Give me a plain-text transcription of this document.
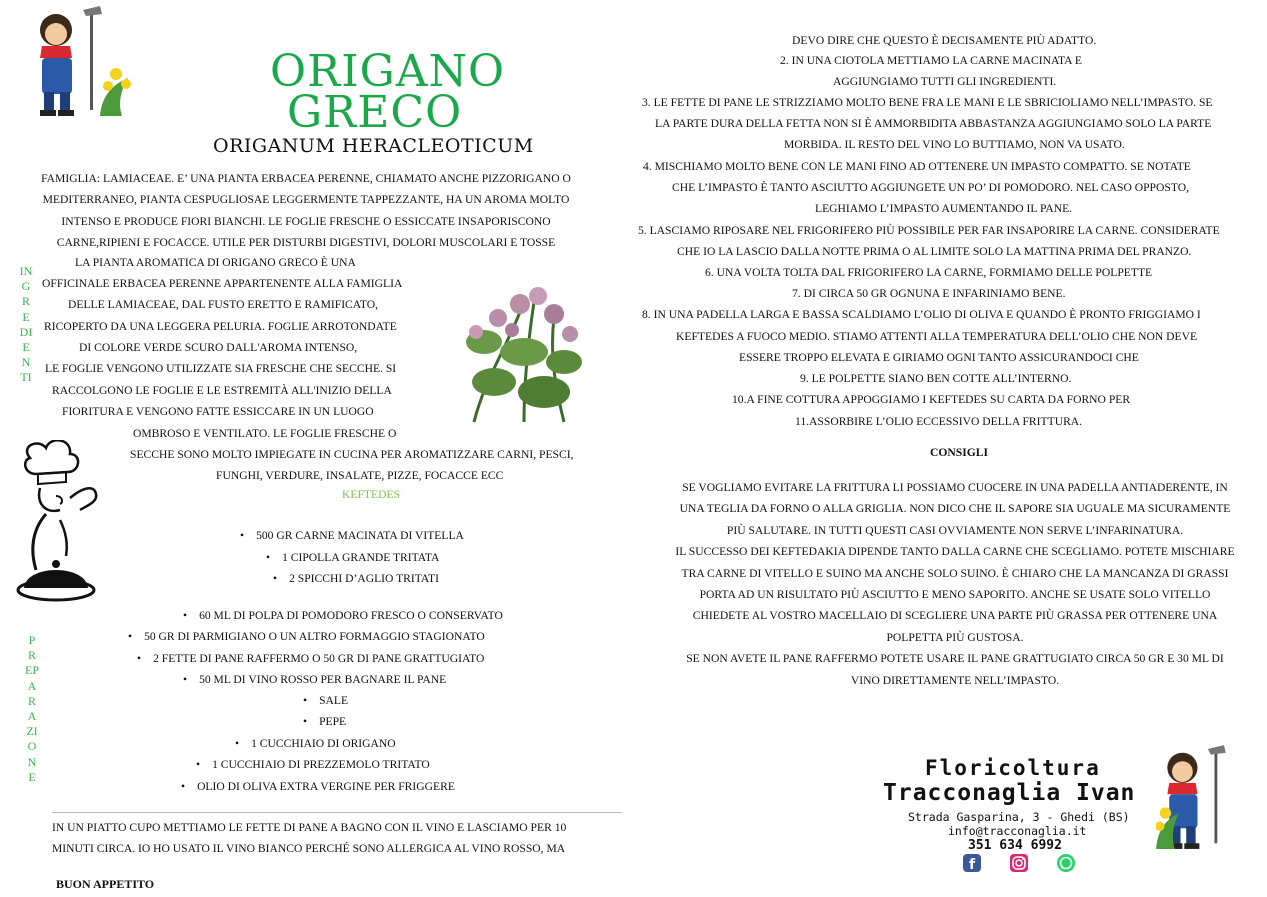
ORIGANO
GRECO
ORIGANUM HERACLEOTICUM
FAMIGLIA: LAMIACEAE. E’ UNA PIANTA ERBACEA PERENNE, CHIAMATO ANCHE PIZZORIGANO O
MEDITERRANEO, PIANTA CESPUGLIOSAE LEGGERMENTE TAPPEZZANTE, HA UN AROMA MOLTO
INTENSO E PRODUCE FIORI BIANCHI. LE FOGLIE FRESCHE O ESSICCATE INSAPORISCONO
CARNE,RIPIENI E FOCACCE. UTILE PER DISTURBI DIGESTIVI, DOLORI MUSCOLARI E TOSSE
LA PIANTA AROMATICA DI ORIGANO GRECO È UNA
OFFICINALE ERBACEA PERENNE APPARTENENTE ALLA FAMIGLIA
DELLE LAMIACEAE, DAL FUSTO ERETTO E RAMIFICATO,
RICOPERTO DA UNA LEGGERA PELURIA. FOGLIE ARROTONDATE
DI COLORE VERDE SCURO DALL'AROMA INTENSO,
LE FOGLIE VENGONO UTILIZZATE SIA FRESCHE CHE SECCHE. SI
RACCOLGONO LE FOGLIE E LE ESTREMITÀ ALL'INIZIO DELLA
FIORITURA E VENGONO FATTE ESSICCARE IN UN LUOGO
OMBROSO E VENTILATO. LE FOGLIE FRESCHE O
SECCHE SONO MOLTO IMPIEGATE IN CUCINA PER AROMATIZZARE CARNI, PESCI,
FUNGHI, VERDURE, INSALATE, PIZZE, FOCACCE ECC
KEFTEDES
INGREDIENTI
PREPARAZIONE
• 500 GR CARNE MACINATA DI VITELLA
• 1 CIPOLLA GRANDE TRITATA
• 2 SPICCHI D’AGLIO TRITATI
• 60 ML DI POLPA DI POMODORO FRESCO O CONSERVATO
• 50 GR DI PARMIGIANO O UN ALTRO FORMAGGIO STAGIONATO
• 2 FETTE DI PANE RAFFERMO O 50 GR DI PANE GRATTUGIATO
• 50 ML DI VINO ROSSO PER BAGNARE IL PANE
• SALE
• PEPE
• 1 CUCCHIAIO DI ORIGANO
• 1 CUCCHIAIO DI PREZZEMOLO TRITATO
• OLIO DI OLIVA EXTRA VERGINE PER FRIGGERE
IN UN PIATTO CUPO METTIAMO LE FETTE DI PANE A BAGNO CON IL VINO E LASCIAMO PER 10
MINUTI CIRCA. IO HO USATO IL VINO BIANCO PERCHÉ SONO ALLERGICA AL VINO ROSSO, MA
BUON APPETITO
DEVO DIRE CHE QUESTO È DECISAMENTE PIÙ ADATTO.
2. IN UNA CIOTOLA METTIAMO LA CARNE MACINATA E
AGGIUNGIAMO TUTTI GLI INGREDIENTI.
3. LE FETTE DI PANE LE STRIZZIAMO MOLTO BENE FRA LE MANI E LE SBRICIOLIAMO NELL’IMPASTO. SE
LA PARTE DURA DELLA FETTA NON SI È AMMORBIDITA ABBASTANZA AGGIUNGIAMO SOLO LA PARTE
MORBIDA. IL RESTO DEL VINO LO BUTTIAMO, NON VA USATO.
4. MISCHIAMO MOLTO BENE CON LE MANI FINO AD OTTENERE UN IMPASTO COMPATTO. SE NOTATE
CHE L’IMPASTO È TANTO ASCIUTTO AGGIUNGETE UN PO’ DI POMODORO. NEL CASO OPPOSTO,
LEGHIAMO L’IMPASTO AUMENTANDO IL PANE.
5. LASCIAMO RIPOSARE NEL FRIGORIFERO PIÙ POSSIBILE PER FAR INSAPORIRE LA CARNE. CONSIDERATE
CHE IO LA LASCIO DALLA NOTTE PRIMA O AL LIMITE SOLO LA MATTINA PRIMA DEL PRANZO.
6. UNA VOLTA TOLTA DAL FRIGORIFERO LA CARNE, FORMIAMO DELLE POLPETTE
7. DI CIRCA 50 GR OGNUNA E INFARINIAMO BENE.
8. IN UNA PADELLA LARGA E BASSA SCALDIAMO L’OLIO DI OLIVA E QUANDO È PRONTO FRIGGIAMO I
KEFTEDES A FUOCO MEDIO. STIAMO ATTENTI ALLA TEMPERATURA DELL’OLIO CHE NON DEVE
ESSERE TROPPO ELEVATA E GIRIAMO OGNI TANTO ASSICURANDOCI CHE
9. LE POLPETTE SIANO BEN COTTE ALL’INTERNO.
10.A FINE COTTURA APPOGGIAMO I KEFTEDES SU CARTA DA FORNO PER
11.ASSORBIRE L’OLIO ECCESSIVO DELLA FRITTURA.
CONSIGLI
SE VOGLIAMO EVITARE LA FRITTURA LI POSSIAMO CUOCERE IN UNA PADELLA ANTIADERENTE, IN
UNA TEGLIA DA FORNO O ALLA GRIGLIA. NON DICO CHE IL SAPORE SIA UGUALE MA SICURAMENTE
PIÙ SALUTARE. IN TUTTI QUESTI CASI OVVIAMENTE NON SERVE L’INFARINATURA.
IL SUCCESSO DEI KEFTEDAKIA DIPENDE TANTO DALLA CARNE CHE SCEGLIAMO. POTETE MISCHIARE
TRA CARNE DI VITELLO E SUINO MA ANCHE SOLO SUINO. È CHIARO CHE LA MANCANZA DI GRASSI
PORTA AD UN RISULTATO PIÙ ASCIUTTO E MENO SAPORITO. ANCHE SE USATE SOLO VITELLO
CHIEDETE AL VOSTRO MACELLAIO DI SCEGLIERE UNA PARTE PIÙ GRASSA PER OTTENERE UNA
POLPETTA PIÙ GUSTOSA.
SE NON AVETE IL PANE RAFFERMO POTETE USARE IL PANE GRATTUGIATO CIRCA 50 GR E 30 ML DI
VINO DIRETTAMENTE NELL’IMPASTO.
Floricoltura
Tracconaglia Ivan
Strada Gasparina, 3 - Ghedi (BS)
info@tracconaglia.it
351 634 6992
f
